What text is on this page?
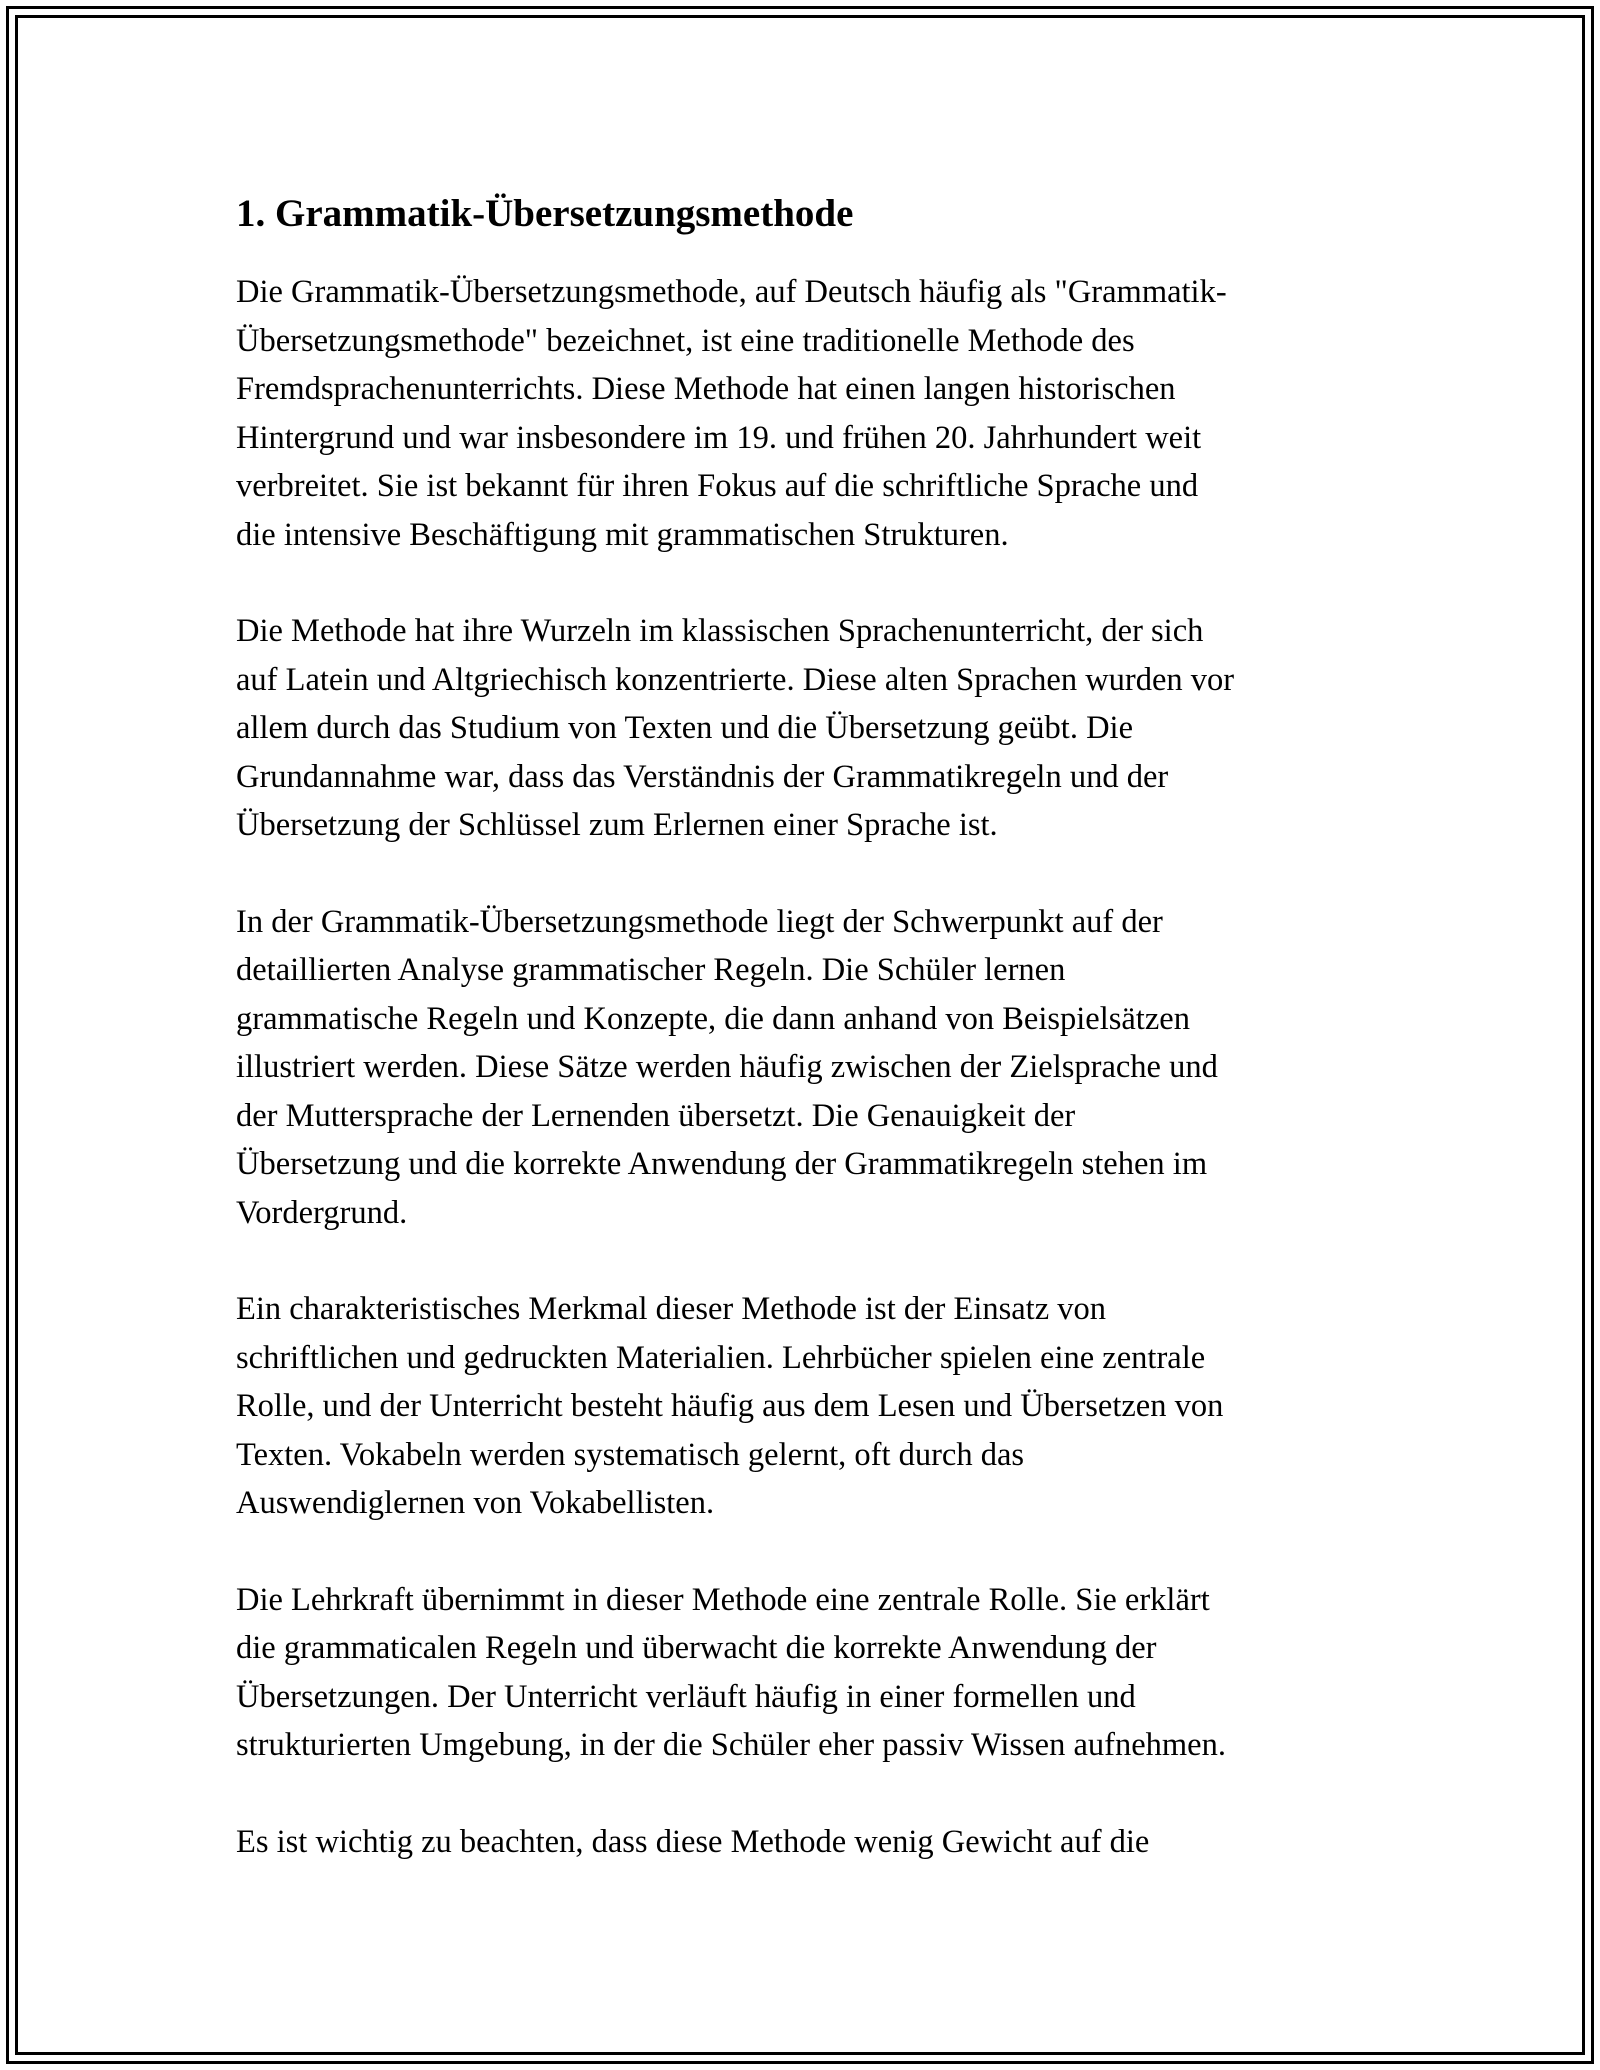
1. Grammatik-Übersetzungsmethode

Die Grammatik-Übersetzungsmethode, auf Deutsch häufig als "Grammatik-
Übersetzungsmethode" bezeichnet, ist eine traditionelle Methode des
Fremdsprachenunterrichts. Diese Methode hat einen langen historischen
Hintergrund und war insbesondere im 19. und frühen 20. Jahrhundert weit
verbreitet. Sie ist bekannt für ihren Fokus auf die schriftliche Sprache und
die intensive Beschäftigung mit grammatischen Strukturen.

Die Methode hat ihre Wurzeln im klassischen Sprachenunterricht, der sich
auf Latein und Altgriechisch konzentrierte. Diese alten Sprachen wurden vor
allem durch das Studium von Texten und die Übersetzung geübt. Die
Grundannahme war, dass das Verständnis der Grammatikregeln und der
Übersetzung der Schlüssel zum Erlernen einer Sprache ist.

In der Grammatik-Übersetzungsmethode liegt der Schwerpunkt auf der
detaillierten Analyse grammatischer Regeln. Die Schüler lernen
grammatische Regeln und Konzepte, die dann anhand von Beispielsätzen
illustriert werden. Diese Sätze werden häufig zwischen der Zielsprache und
der Muttersprache der Lernenden übersetzt. Die Genauigkeit der
Übersetzung und die korrekte Anwendung der Grammatikregeln stehen im
Vordergrund.

Ein charakteristisches Merkmal dieser Methode ist der Einsatz von
schriftlichen und gedruckten Materialien. Lehrbücher spielen eine zentrale
Rolle, und der Unterricht besteht häufig aus dem Lesen und Übersetzen von
Texten. Vokabeln werden systematisch gelernt, oft durch das
Auswendiglernen von Vokabellisten.

Die Lehrkraft übernimmt in dieser Methode eine zentrale Rolle. Sie erklärt
die grammaticalen Regeln und überwacht die korrekte Anwendung der
Übersetzungen. Der Unterricht verläuft häufig in einer formellen und
strukturierten Umgebung, in der die Schüler eher passiv Wissen aufnehmen.

Es ist wichtig zu beachten, dass diese Methode wenig Gewicht auf die
